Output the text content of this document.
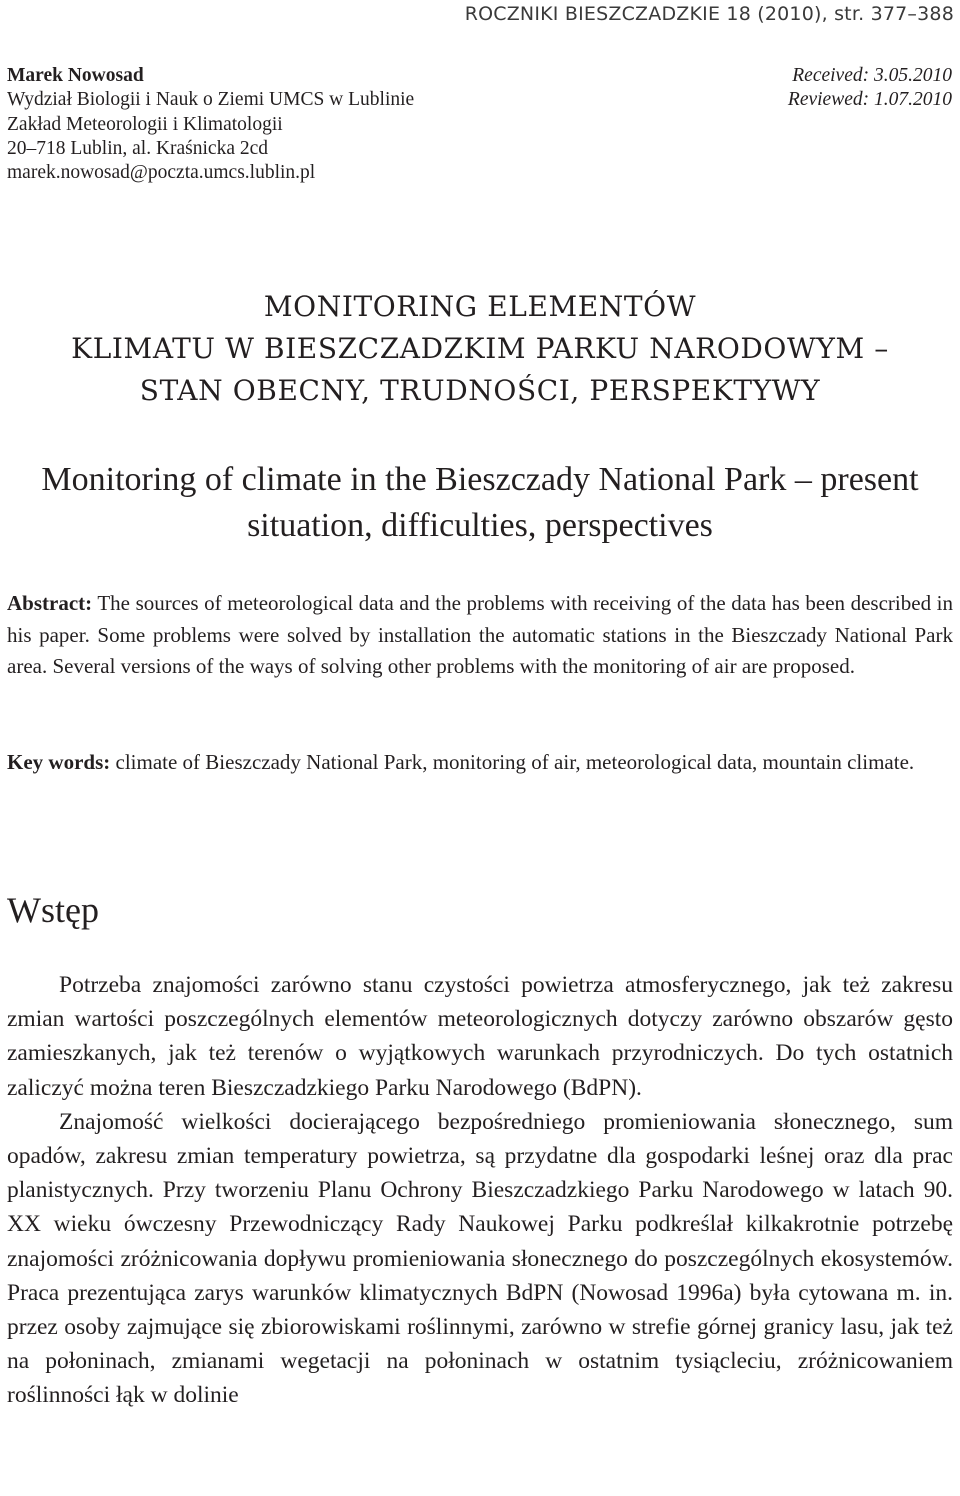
ROCZNIKI BIESZCZADZKIE 18 (2010), str. 377–388
Marek Nowosad	Received: 3.05.2010
Wydział Biologii i Nauk o Ziemi UMCS w Lublinie	Reviewed: 1.07.2010
Zakład Meteorologii i Klimatologii
20–718 Lublin, al. Kraśnicka 2cd
marek.nowosad@poczta.umcs.lublin.pl
MONITORING ELEMENTÓW
KLIMATU W BIESZCZADZKIM PARKU NARODOWYM –
STAN OBECNY, TRUDNOŚCI, PERSPEKTYWY
Monitoring of climate in the Bieszczady National Park – present
situation, difficulties, perspectives
Abstract: The sources of meteorological data and the problems with receiving of the data has been described in his paper. Some problems were solved by installation the automatic stations in the Bieszczady National Park area. Several versions of the ways of solving other problems with the monitoring of air are proposed.
Key words: climate of Bieszczady National Park, monitoring of air, meteorological data, mountain climate.
Wstęp

Potrzeba znajomości zarówno stanu czystości powietrza atmosferycznego, jak też zakresu zmian wartości poszczególnych elementów meteorologicznych dotyczy zarówno obszarów gęsto zamieszkanych, jak też terenów o wyjątkowych warunkach przyrodniczych. Do tych ostatnich zaliczyć można teren Bieszczadzkiego Parku Narodowego (BdPN).

Znajomość wielkości docierającego bezpośredniego promieniowania słonecznego, sum opadów, zakresu zmian temperatury powietrza, są przydatne dla gospodarki leśnej oraz dla prac planistycznych. Przy tworzeniu Planu Ochrony Bieszczadzkiego Parku Narodowego w latach 90. XX wieku ówczesny Przewodniczący Rady Naukowej Parku podkreślał kilkakrotnie potrzebę znajomości zróżnicowania dopływu promieniowania słonecznego do poszczególnych ekosystemów. Praca prezentująca zarys warunków klimatycznych BdPN (Nowosad 1996a) była cytowana m. in. przez osoby zajmujące się zbiorowiskami roślinnymi, zarówno w strefie górnej granicy lasu, jak też na połoninach, zmianami wegetacji na połoninach w ostatnim tysiącleciu, zróżnicowaniem roślinności łąk w dolinie
